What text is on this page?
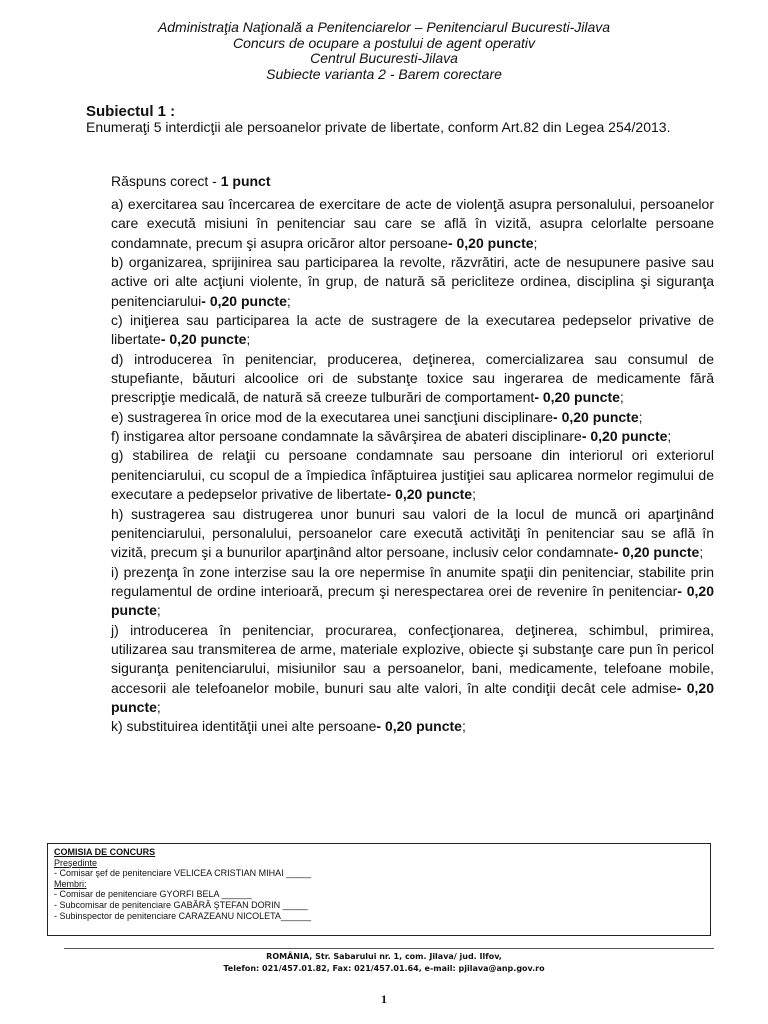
Administraţia Naţională a Penitenciarelor – Penitenciarul Bucuresti-Jilava
Concurs de ocupare a postului de agent operativ
Centrul Bucuresti-Jilava
Subiecte varianta 2 - Barem corectare
Subiectul 1 :
Enumeraţi 5 interdicţii ale persoanelor private de libertate, conform Art.82 din Legea 254/2013.
Răspuns corect - 1 punct

a) exercitarea sau încercarea de exercitare de acte de violenţă asupra personalului, persoanelor care execută misiuni în penitenciar sau care se află în vizită, asupra celorlalte persoane condamnate, precum şi asupra oricăror altor persoane- 0,20 puncte;

b) organizarea, sprijinirea sau participarea la revolte, răzvrătiri, acte de nesupunere pasive sau active ori alte acţiuni violente, în grup, de natură să pericliteze ordinea, disciplina şi siguranţa penitenciarului- 0,20 puncte;

c) iniţierea sau participarea la acte de sustragere de la executarea pedepselor privative de libertate- 0,20 puncte;

d) introducerea în penitenciar, producerea, deţinerea, comercializarea sau consumul de stupefiante, băuturi alcoolice ori de substanţe toxice sau ingerarea de medicamente fără prescripţie medicală, de natură să creeze tulburări de comportament- 0,20 puncte;

e) sustragerea în orice mod de la executarea unei sancţiuni disciplinare- 0,20 puncte;

f) instigarea altor persoane condamnate la săvârşirea de abateri disciplinare- 0,20 puncte;

g) stabilirea de relaţii cu persoane condamnate sau persoane din interiorul ori exteriorul penitenciarului, cu scopul de a împiedica înfăptuirea justiţiei sau aplicarea normelor regimului de executare a pedepselor privative de libertate- 0,20 puncte;

h) sustragerea sau distrugerea unor bunuri sau valori de la locul de muncă ori aparţinând penitenciarului, personalului, persoanelor care execută activităţi în penitenciar sau se află în vizită, precum şi a bunurilor aparţinând altor persoane, inclusiv celor condamnate- 0,20 puncte;

i) prezenţa în zone interzise sau la ore nepermise în anumite spaţii din penitenciar, stabilite prin regulamentul de ordine interioară, precum şi nerespectarea orei de revenire în penitenciar- 0,20 puncte;

j) introducerea în penitenciar, procurarea, confecţionarea, deţinerea, schimbul, primirea, utilizarea sau transmiterea de arme, materiale explozive, obiecte şi substanţe care pun în pericol siguranţa penitenciarului, misiunilor sau a persoanelor, bani, medicamente, telefoane mobile, accesorii ale telefoanelor mobile, bunuri sau alte valori, în alte condiţii decât cele admise- 0,20 puncte;

k) substituirea identităţii unei alte persoane- 0,20 puncte;

COMISIA DE CONCURS
Preşedinte
- Comisar şef de penitenciare VELICEA CRISTIAN MIHAI _____
Membri:
- Comisar de penitenciare GYORFI BELA ______
- Subcomisar de penitenciare GABĂRĂ ŞTEFAN DORIN _____
- Subinspector de penitenciare CARAZEANU NICOLETA______
ROMÂNIA, Str. Sabarului nr. 1, com. Jilava/ jud. Ilfov,
Telefon: 021/457.01.82, Fax: 021/457.01.64, e-mail: pjilava@anp.gov.ro
1
